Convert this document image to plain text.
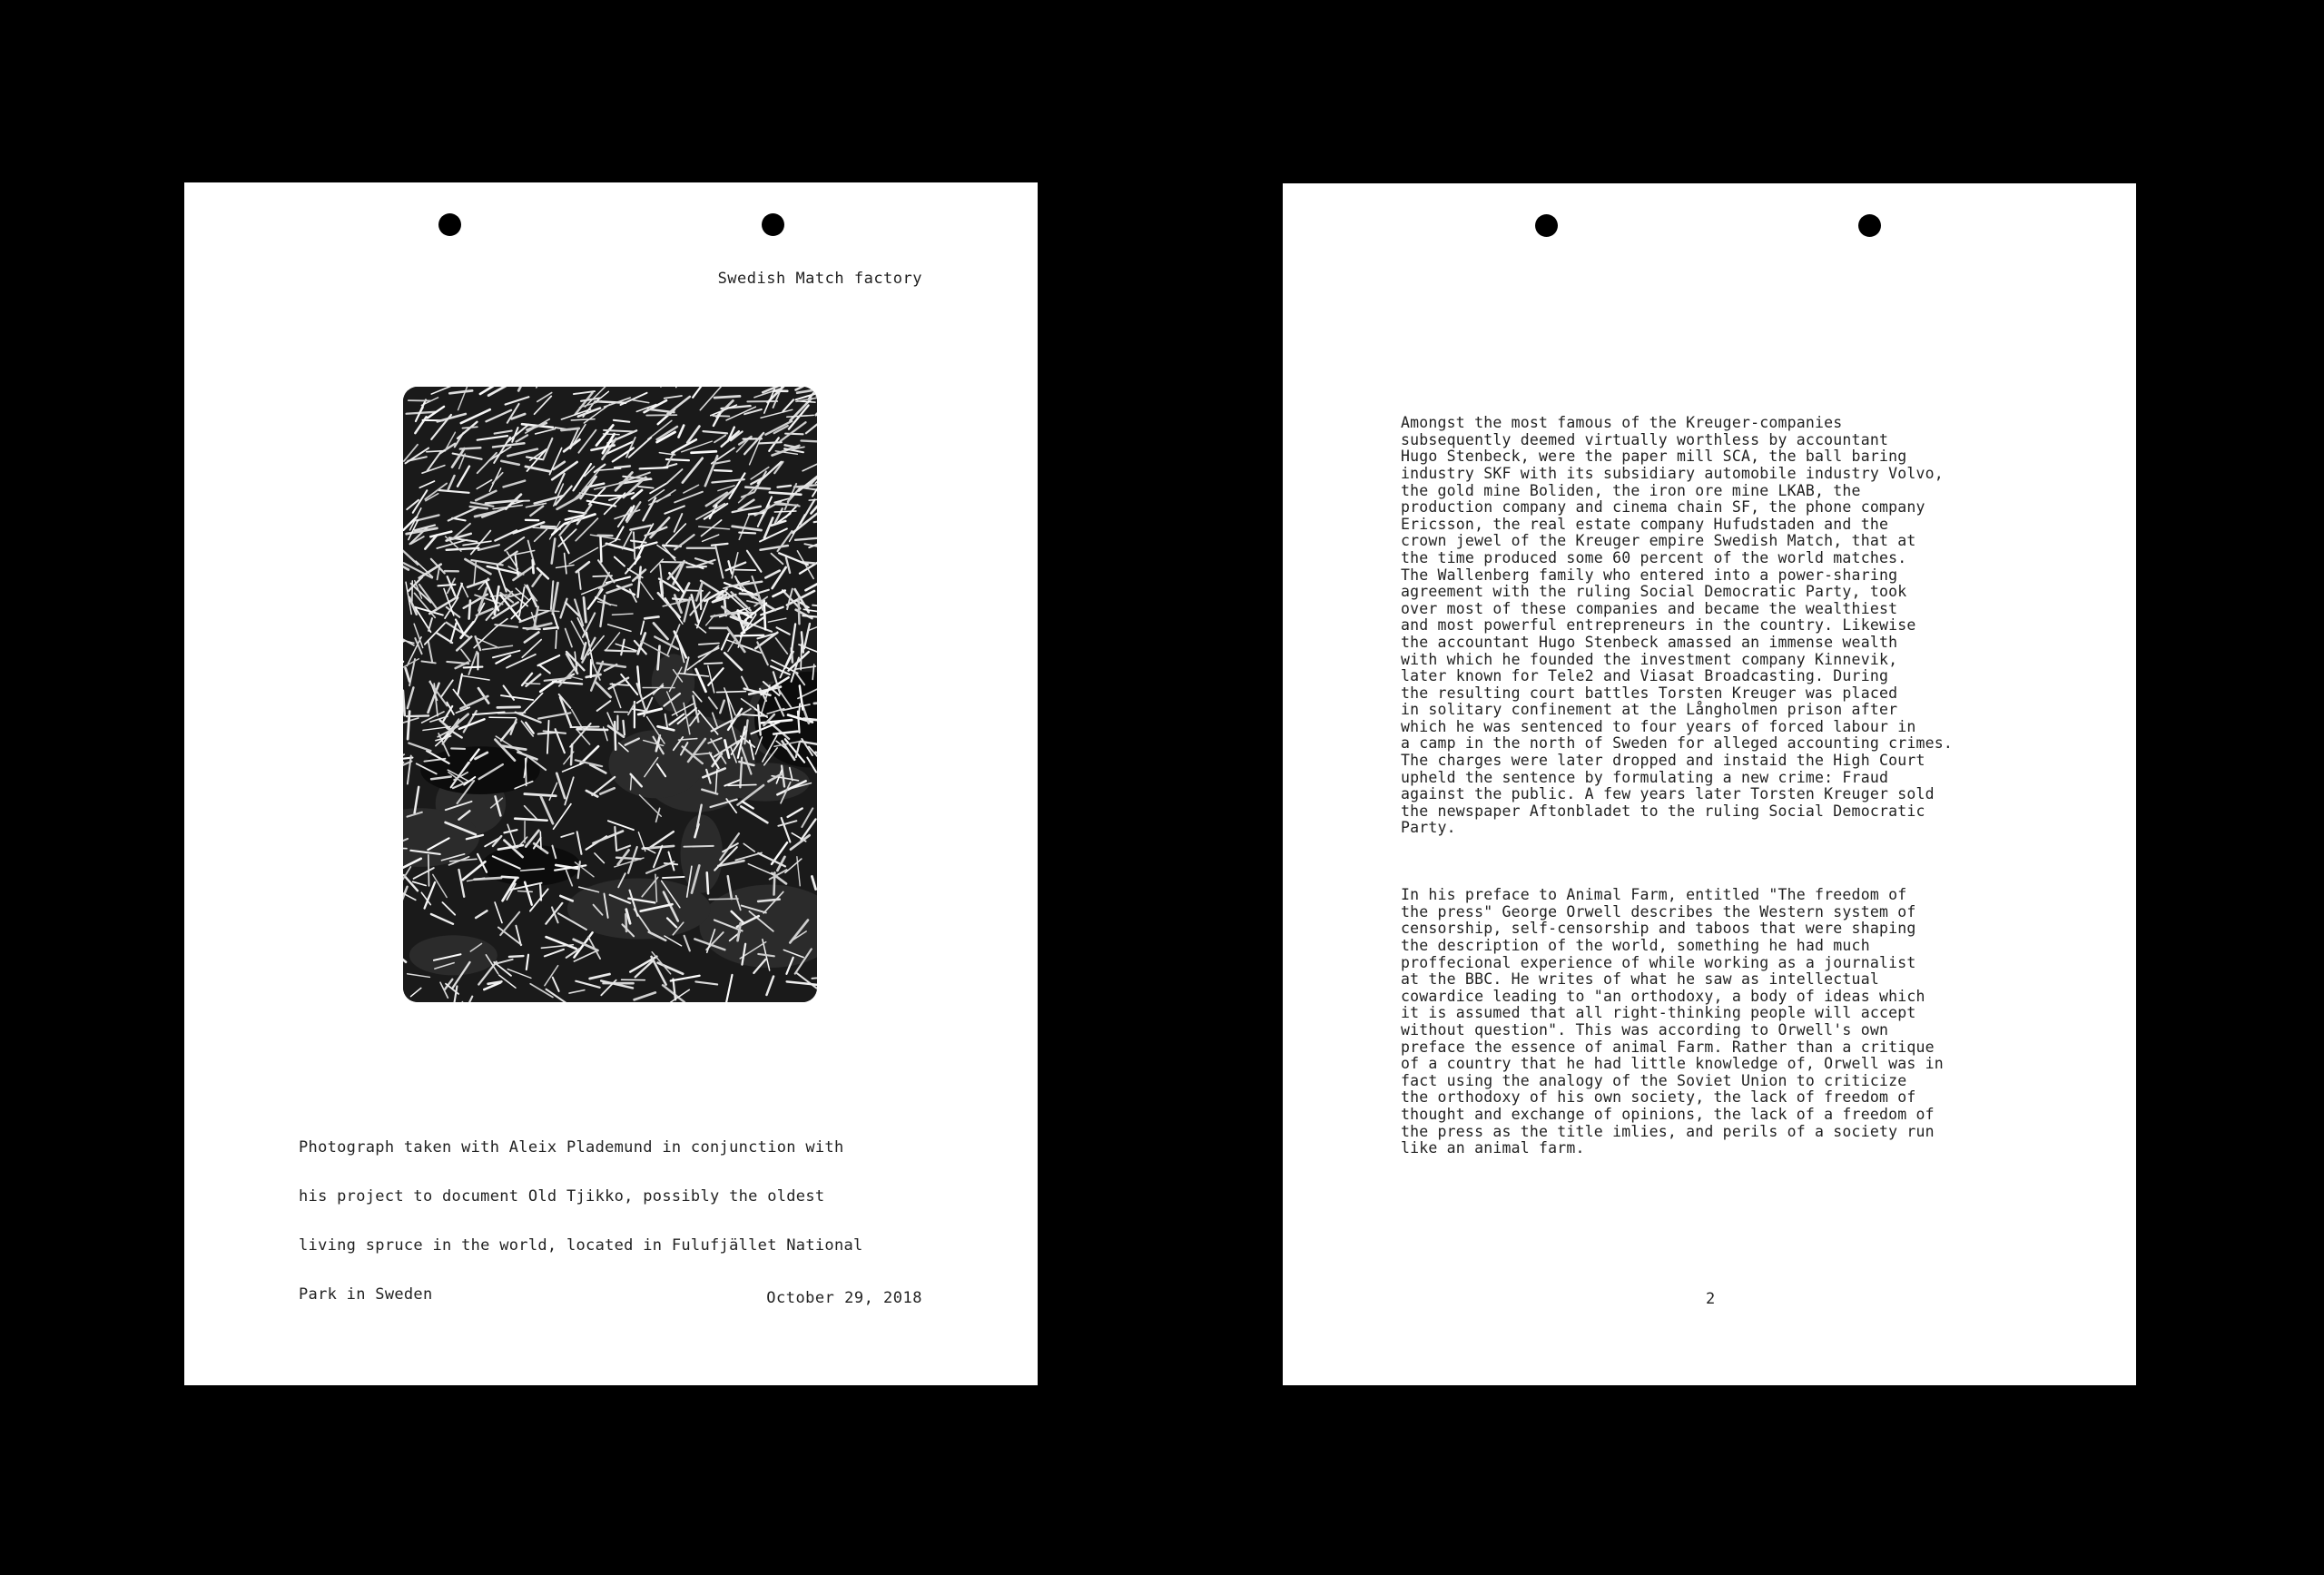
Swedish Match factory

Photograph taken with Aleix Plademund in conjunction with

his project to document Old Tjikko, possibly the oldest

living spruce in the world, located in Fulufjället National

Park in Sweden

	October 29, 2018

Amongst the most famous of the Kreuger-companies
subsequently deemed virtually worthless by accountant
Hugo Stenbeck, were the paper mill SCA, the ball baring
industry SKF with its subsidiary automobile industry Volvo,
the gold mine Boliden, the iron ore mine LKAB, the
production company and cinema chain SF, the phone company
Ericsson, the real estate company Hufudstaden and the
crown jewel of the Kreuger empire Swedish Match, that at
the time produced some 60 percent of the world matches.
The Wallenberg family who entered into a power-sharing
agreement with the ruling Social Democratic Party, took
over most of these companies and became the wealthiest
and most powerful entrepreneurs in the country. Likewise
the accountant Hugo Stenbeck amassed an immense wealth
with which he founded the investment company Kinnevik,
later known for Tele2 and Viasat Broadcasting. During
the resulting court battles Torsten Kreuger was placed
in solitary confinement at the Långholmen prison after
which he was sentenced to four years of forced labour in
a camp in the north of Sweden for alleged accounting crimes.
The charges were later dropped and instaid the High Court
upheld the sentence by formulating a new crime: Fraud
against the public. A few years later Torsten Kreuger sold
the newspaper Aftonbladet to the ruling Social Democratic
Party.

In his preface to Animal Farm, entitled "The freedom of
the press" George Orwell describes the Western system of
censorship, self-censorship and taboos that were shaping
the description of the world, something he had much
proffecional experience of while working as a journalist
at the BBC. He writes of what he saw as intellectual
cowardice leading to "an orthodoxy, a body of ideas which
it is assumed that all right-thinking people will accept
without question". This was according to Orwell's own
preface the essence of animal Farm. Rather than a critique
of a country that he had little knowledge of, Orwell was in
fact using the analogy of the Soviet Union to criticize
the orthodoxy of his own society, the lack of freedom of
thought and exchange of opinions, the lack of a freedom of
the press as the title imlies, and perils of a society run
like an animal farm.

2
